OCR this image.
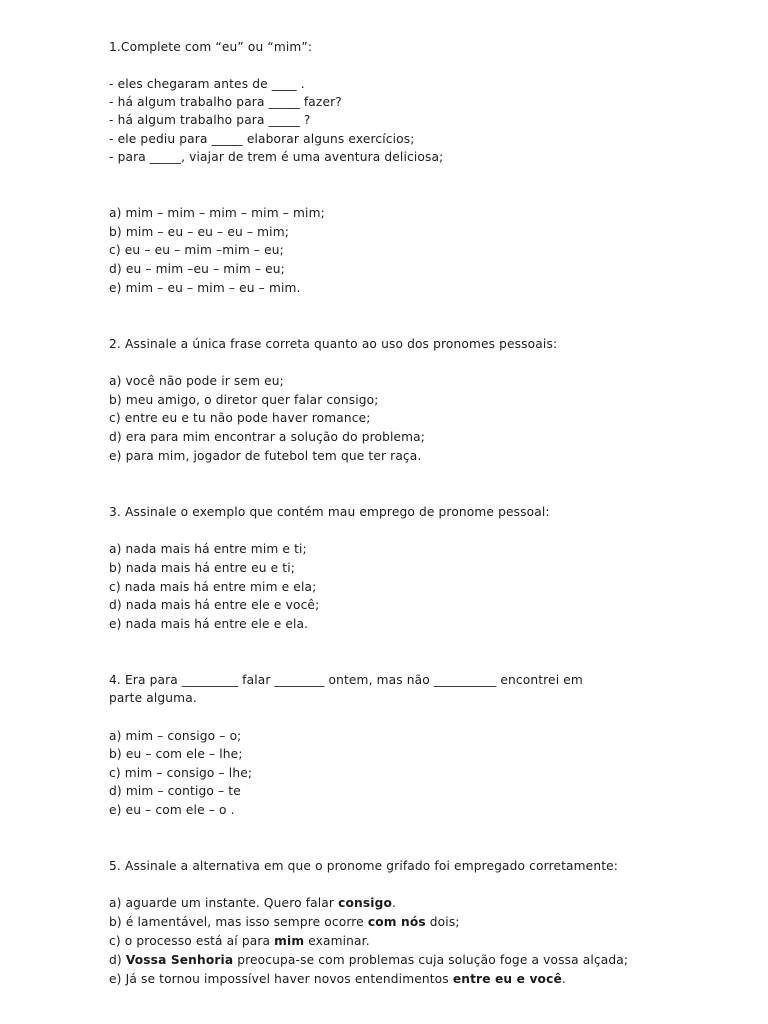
1.Complete com “eu” ou “mim”:
- eles chegaram antes de ____ .
- há algum trabalho para _____ fazer?
- há algum trabalho para _____ ?
- ele pediu para _____ elaborar alguns exercícios;
- para _____, viajar de trem é uma aventura deliciosa;
a) mim – mim – mim – mim – mim;
b) mim – eu – eu – eu – mim;
c) eu – eu – mim –mim – eu;
d) eu – mim –eu – mim – eu;
e) mim – eu – mim – eu – mim.
2. Assinale a única frase correta quanto ao uso dos pronomes pessoais:
a) você não pode ir sem eu;
b) meu amigo, o diretor quer falar consigo;
c) entre eu e tu não pode haver romance;
d) era para mim encontrar a solução do problema;
e) para mim, jogador de futebol tem que ter raça.
3. Assinale o exemplo que contém mau emprego de pronome pessoal:
a) nada mais há entre mim e ti;
b) nada mais há entre eu e ti;
c) nada mais há entre mim e ela;
d) nada mais há entre ele e você;
e) nada mais há entre ele e ela.
4. Era para _________ falar ________ ontem, mas não __________ encontrei em
parte alguma.
a) mim – consigo – o;
b) eu – com ele – lhe;
c) mim – consigo – lhe;
d) mim – contigo – te
e) eu – com ele – o .
5. Assinale a alternativa em que o pronome grifado foi empregado corretamente:
a) aguarde um instante. Quero falar consigo.
b) é lamentável, mas isso sempre ocorre com nós dois;
c) o processo está aí para mim examinar.
d) Vossa Senhoria preocupa-se com problemas cuja solução foge a vossa alçada;
e) Já se tornou impossível haver novos entendimentos entre eu e você.
